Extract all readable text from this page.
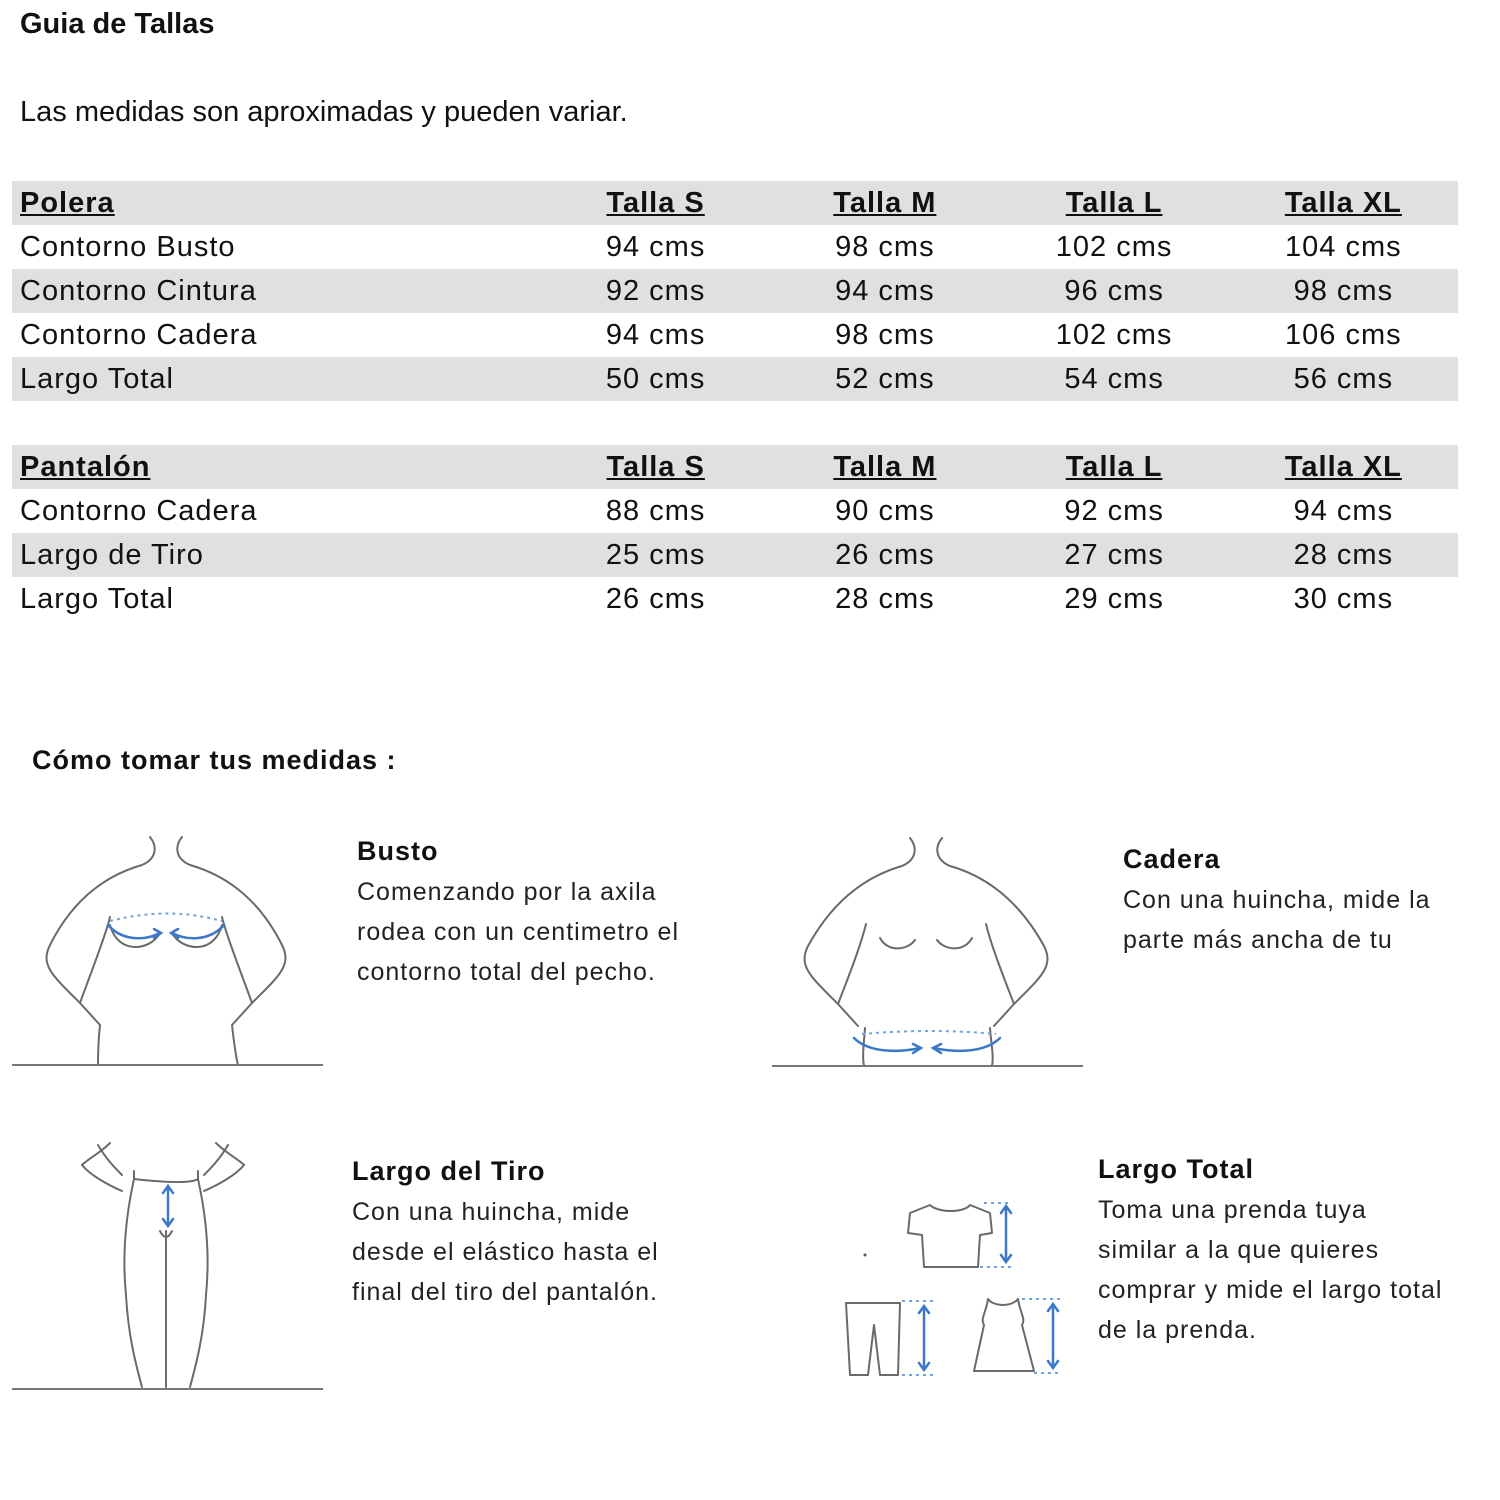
Guia de Tallas
Las medidas son aproximadas y pueden variar.
Polera	Talla S	Talla M	Talla L	Talla XL
Contorno Busto	94 cms	98 cms	102 cms	104 cms
Contorno Cintura	92 cms	94 cms	96 cms	98 cms
Contorno Cadera	94 cms	98 cms	102 cms	106 cms
Largo Total	50 cms	52 cms	54 cms	56 cms
Pantalón	Talla S	Talla M	Talla L	Talla XL
Contorno Cadera	88 cms	90 cms	92 cms	94 cms
Largo de Tiro	25 cms	26 cms	27 cms	28 cms
Largo Total	26 cms	28 cms	29 cms	30 cms
Cómo tomar tus medidas :
Busto
Comenzando por la axila
rodea con un centimetro el
contorno total del pecho.
Cadera
Con una huincha, mide la
parte más ancha de tu
Largo del Tiro
Con una huincha, mide
desde el elástico hasta el
final del tiro del pantalón.
Largo Total
Toma una prenda tuya
similar a la que quieres
comprar y mide el largo total
de la prenda.
